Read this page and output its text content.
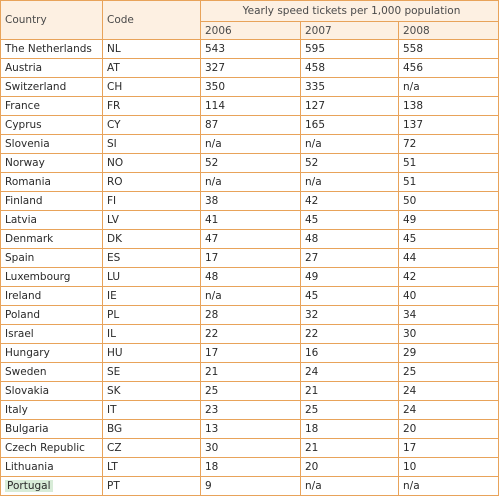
Country	Code	Yearly speed tickets per 1,000 population		
		2006	2007	2008
The Netherlands	NL	543	595	558
Austria	AT	327	458	456
Switzerland	CH	350	335	n/a
France	FR	114	127	138
Cyprus	CY	87	165	137
Slovenia	SI	n/a	n/a	72
Norway	NO	52	52	51
Romania	RO	n/a	n/a	51
Finland	FI	38	42	50
Latvia	LV	41	45	49
Denmark	DK	47	48	45
Spain	ES	17	27	44
Luxembourg	LU	48	49	42
Ireland	IE	n/a	45	40
Poland	PL	28	32	34
Israel	IL	22	22	30
Hungary	HU	17	16	29
Sweden	SE	21	24	25
Slovakia	SK	25	21	24
Italy	IT	23	25	24
Bulgaria	BG	13	18	20
Czech Republic	CZ	30	21	17
Lithuania	LT	18	20	10
Portugal	PT	9	n/a	n/a
